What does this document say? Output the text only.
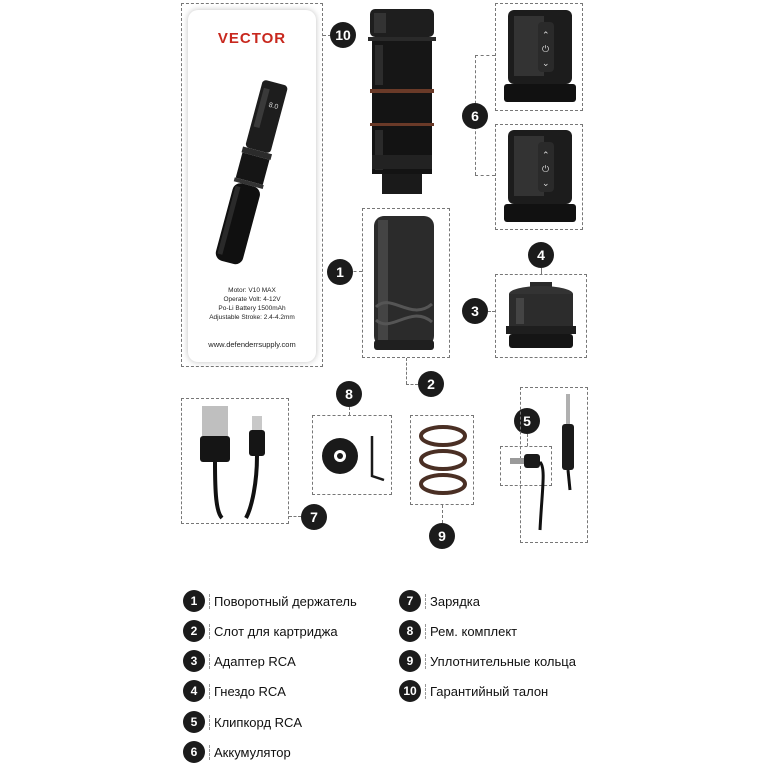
VECTOR
8.0
Motor: V10 MAX
Operate Volt: 4-12V
Po-Li Battery 1500mAh
Adjustable Stroke: 2.4-4.2mm
www.defenderrsupply.com
10	⌃
⏻
⌄
⌃
⏻
⌄
6
1
2
4
3
7
8
9
5
1	Поворотный держатель
2	Слот для картриджа
3	Адаптер RCA
4	Гнездо RCA
5	Клипкорд RCA
6	Аккумулятор
7	Зарядка
8	Рем. комплект
9	Уплотнительные кольца
10	Гарантийный талон
